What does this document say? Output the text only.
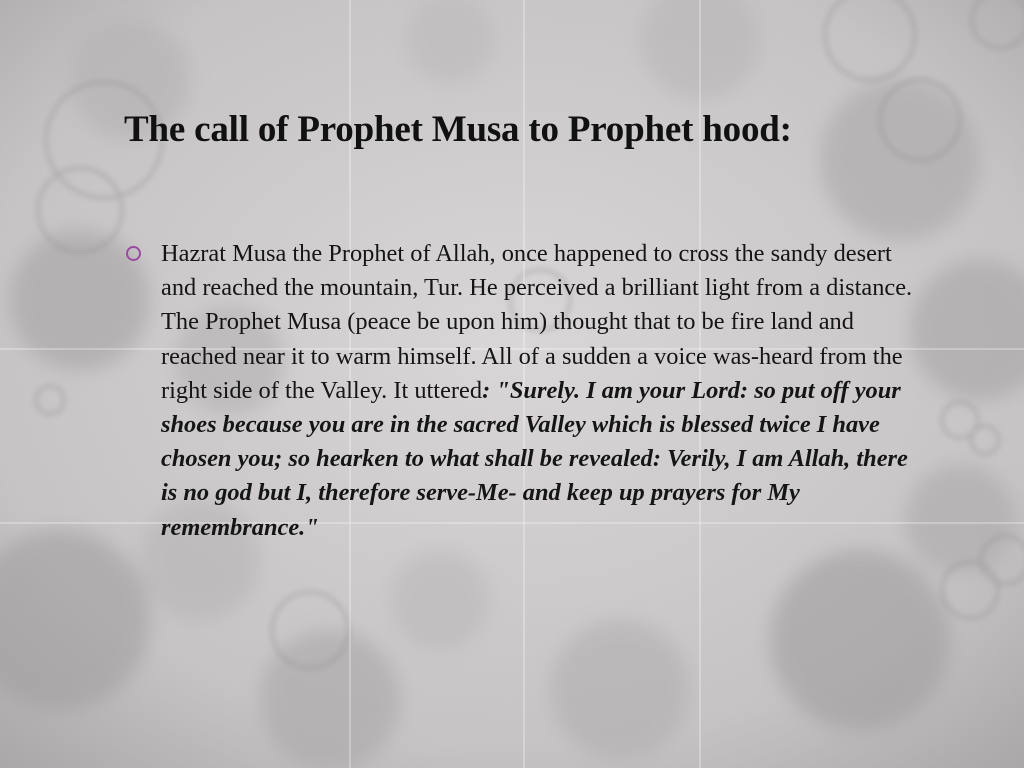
The call of Prophet Musa to Prophet hood:
Hazrat Musa the Prophet of Allah, once happened to cross the sandy desert and reached the mountain, Tur. He perceived a brilliant light from a distance. The Prophet Musa (peace be upon him) thought that to be fire land and reached near it to warm himself. All of a sudden a voice was-heard from the right side of the Valley. It uttered: "Surely. I am your Lord: so put off your shoes because you are in the sacred Valley which is blessed twice I have chosen you; so hearken to what shall be revealed: Verily, I am Allah, there is no god but I, therefore serve-Me- and keep up prayers for My remembrance."
